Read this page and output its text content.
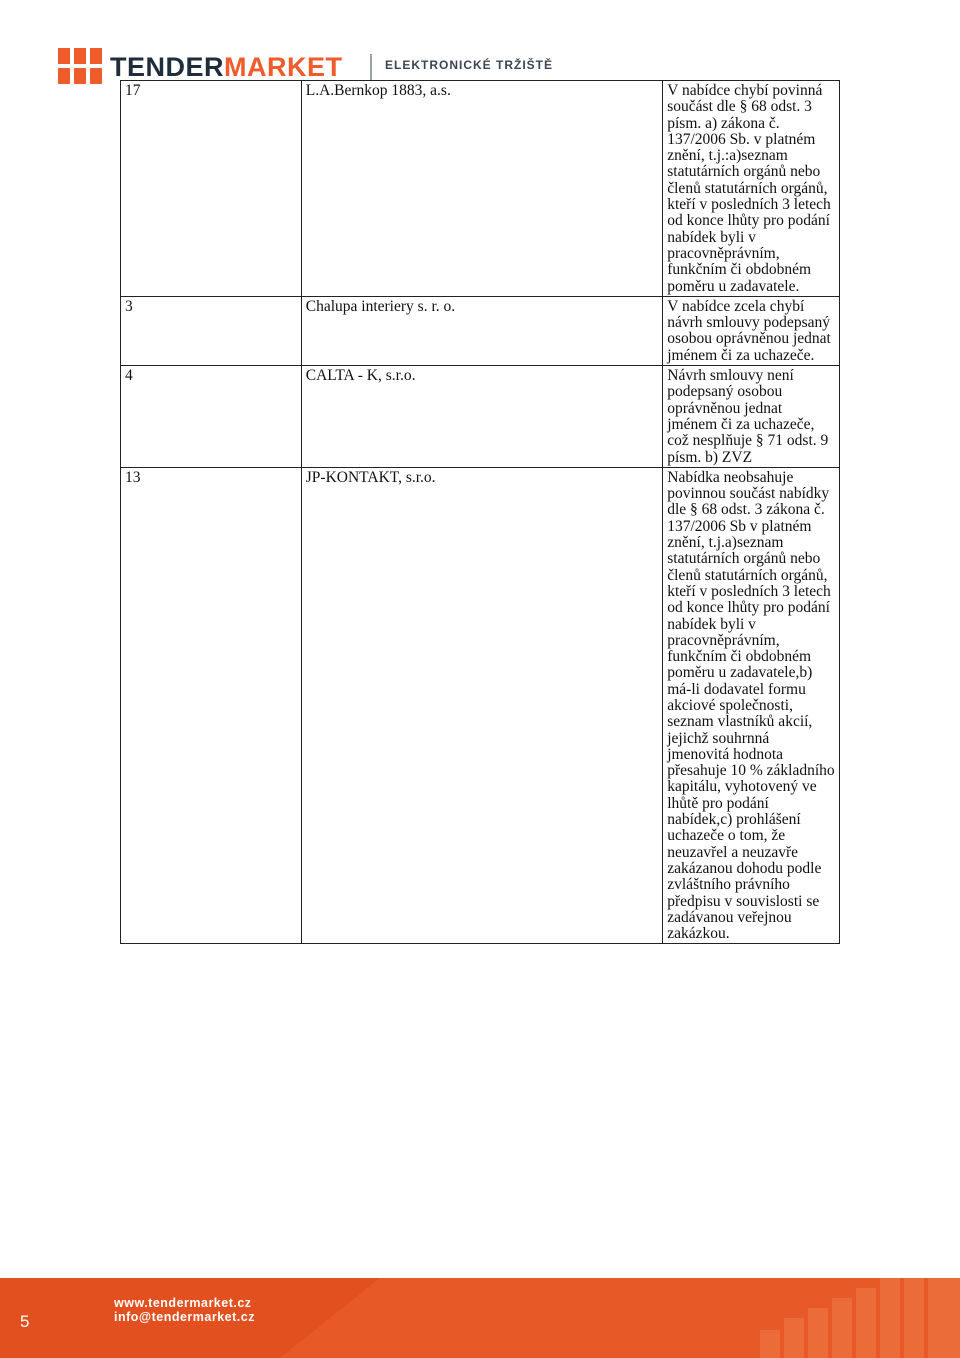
TENDERMARKET	ELEKTRONICKÉ TRŽIŠTĚ
17	L.A.Bernkop 1883, a.s.	V nabídce chybí povinná součást dle § 68 odst. 3 písm. a) zákona č. 137/2006 Sb. v platném znění, t.j.:a)seznam statutárních orgánů nebo členů statutárních orgánů, kteří v posledních 3 letech od konce lhůty pro podání nabídek byli v pracovněprávním, funkčním či obdobném poměru u zadavatele.
3	Chalupa interiery s. r. o.	V nabídce zcela chybí návrh smlouvy podepsaný osobou oprávněnou jednat jménem či za uchazeče.
4	CALTA - K, s.r.o.	Návrh smlouvy není podepsaný osobou oprávněnou jednat jménem či za uchazeče, což nesplňuje § 71 odst. 9 písm. b) ZVZ
13	JP-KONTAKT, s.r.o.	Nabídka neobsahuje povinnou součást nabídky dle § 68 odst. 3 zákona č. 137/2006 Sb v platném znění, t.j.a)seznam statutárních orgánů nebo členů statutárních orgánů, kteří v posledních 3 letech od konce lhůty pro podání nabídek byli v pracovněprávním, funkčním či obdobném poměru u zadavatele,b) má-li dodavatel formu akciové společnosti, seznam vlastníků akcií, jejichž souhrnná jmenovitá hodnota přesahuje 10 % základního kapitálu, vyhotovený ve lhůtě pro podání nabídek,c) prohlášení uchazeče o tom, že neuzavřel a neuzavře zakázanou dohodu podle zvláštního právního předpisu v souvislosti se zadávanou veřejnou zakázkou.
5
www.tendermarket.cz
info@tendermarket.cz
